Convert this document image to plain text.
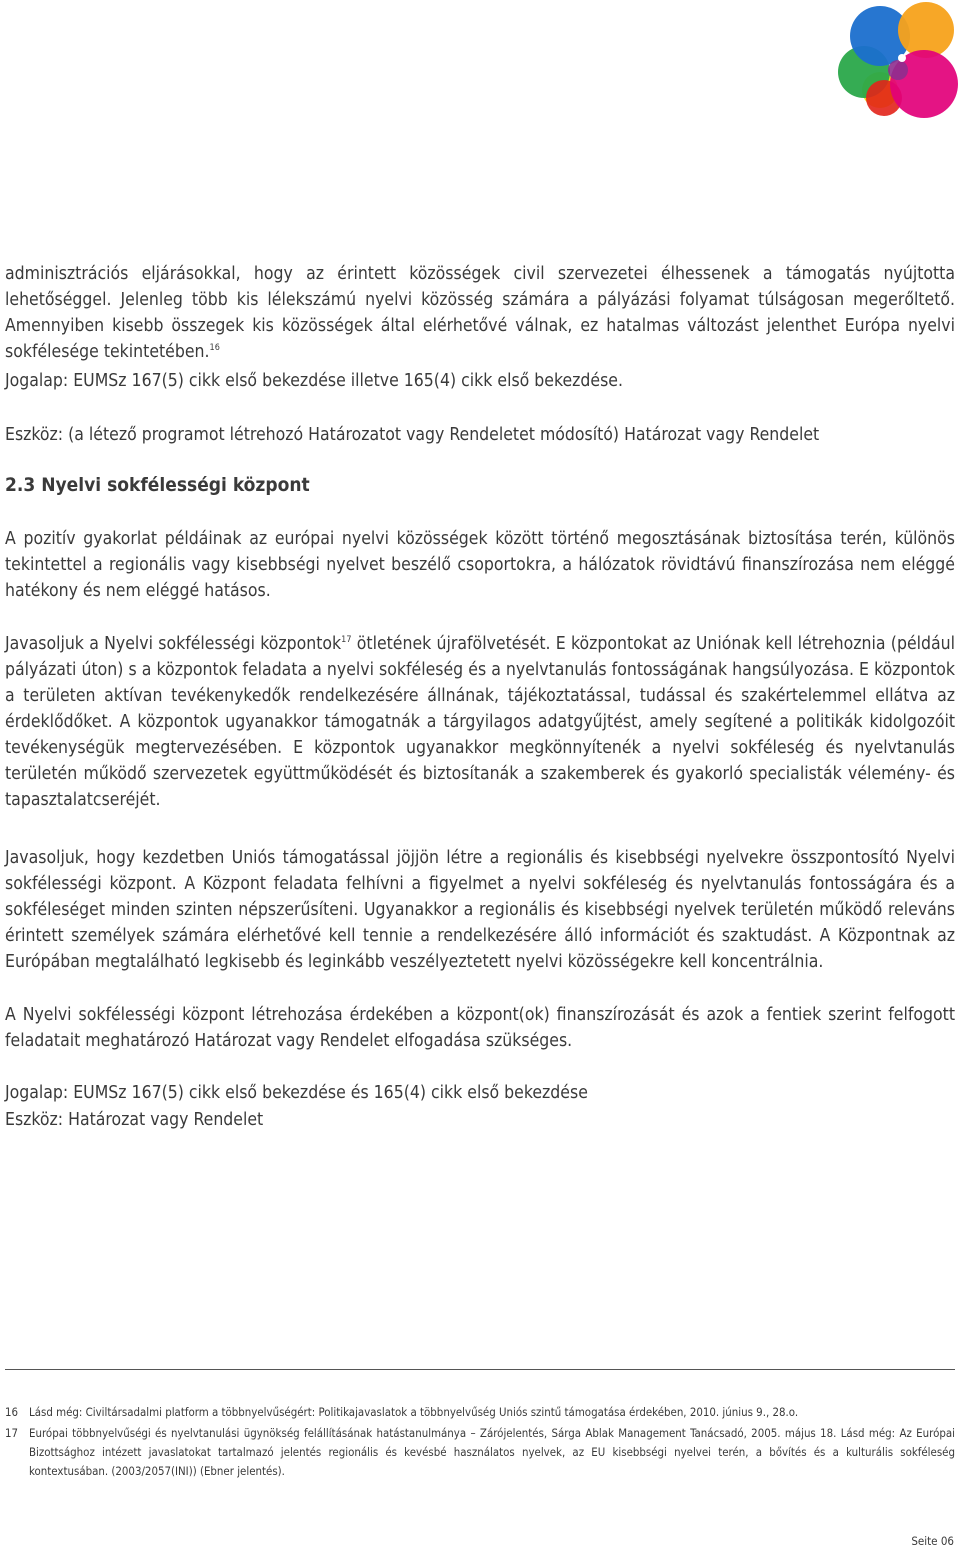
adminisztrációs eljárásokkal, hogy az érintett közösségek civil szervezetei élhessenek a támogatás nyújtotta lehetőséggel. Jelenleg több kis lélekszámú nyelvi közösség számára a pályázási folyamat túlságosan megerőltető. Amennyiben kisebb összegek kis közösségek által elérhetővé válnak, ez hatalmas változást jelenthet Európa nyelvi sokfélesége tekintetében.$^{16}$

Jogalap: EUMSz 167(5) cikk első bekezdése illetve 165(4) cikk első bekezdése.

Eszköz: (a létező programot létrehozó Határozatot vagy Rendeletet módosító) Határozat vagy Rendelet

2.3 Nyelvi sokfélességi központ

A pozitív gyakorlat példáinak az európai nyelvi közösségek között történő megosztásának biztosítása terén, különös tekintettel a regionális vagy kisebbségi nyelvet beszélő csoportokra, a hálózatok rövidtávú finanszírozása nem eléggé hatékony és nem eléggé hatásos.

Javasoljuk a Nyelvi sokfélességi központok$^{17}$ ötletének újrafölvetését. E központokat az Uniónak kell létrehoznia (például pályázati úton) s a központok feladata a nyelvi sokféleség és a nyelvtanulás fontosságának hangsúlyozása. E központok a területen aktívan tevékenykedők rendelkezésére állnának, tájékoztatással, tudással és szakértelemmel ellátva az érdeklődőket. A központok ugyanakkor támogatnák a tárgyilagos adatgyűjtést, amely segítené a politikák kidolgozóit tevékenységük megtervezésében. E központok ugyanakkor megkönnyítenék a nyelvi sokféleség és nyelvtanulás területén működő szervezetek együttműködését és biztosítanák a szakemberek és gyakorló specialisták vélemény- és tapasztalatcseréjét.

Javasoljuk, hogy kezdetben Uniós támogatással jöjjön létre a regionális és kisebbségi nyelvekre összpontosító Nyelvi sokfélességi központ. A Központ feladata felhívni a figyelmet a nyelvi sokféleség és nyelvtanulás fontosságára és a sokféleséget minden szinten népszerűsíteni. Ugyanakkor a regionális és kisebbségi nyelvek területén működő releváns érintett személyek számára elérhetővé kell tennie a rendelkezésére álló információt és szaktudást. A Központnak az Európában megtalálható legkisebb és leginkább veszélyeztetett nyelvi közösségekre kell koncentrálnia.

A Nyelvi sokfélességi központ létrehozása érdekében a központ(ok) finanszírozását és azok a fentiek szerint felfogott feladatait meghatározó Határozat vagy Rendelet elfogadása szükséges.

Jogalap: EUMSz 167(5) cikk első bekezdése és 165(4) cikk első bekezdése

Eszköz: Határozat vagy Rendelet

16 Lásd még: Civiltársadalmi platform a többnyelvűségért: Politikajavaslatok a többnyelvűség Uniós szintű támogatása érdekében, 2010. június 9., 28.o.
17 Európai többnyelvűségi és nyelvtanulási ügynökség felállításának hatástanulmánya – Zárójelentés, Sárga Ablak Management Tanácsadó, 2005. május 18. Lásd még: Az Európai Bizottsághoz intézett javaslatokat tartalmazó jelentés regionális és kevésbé használatos nyelvek, az EU kisebbségi nyelvei terén, a bővítés és a kulturális sokféleség kontextusában. (2003/2057(INI)) (Ebner jelentés).
Seite 06
